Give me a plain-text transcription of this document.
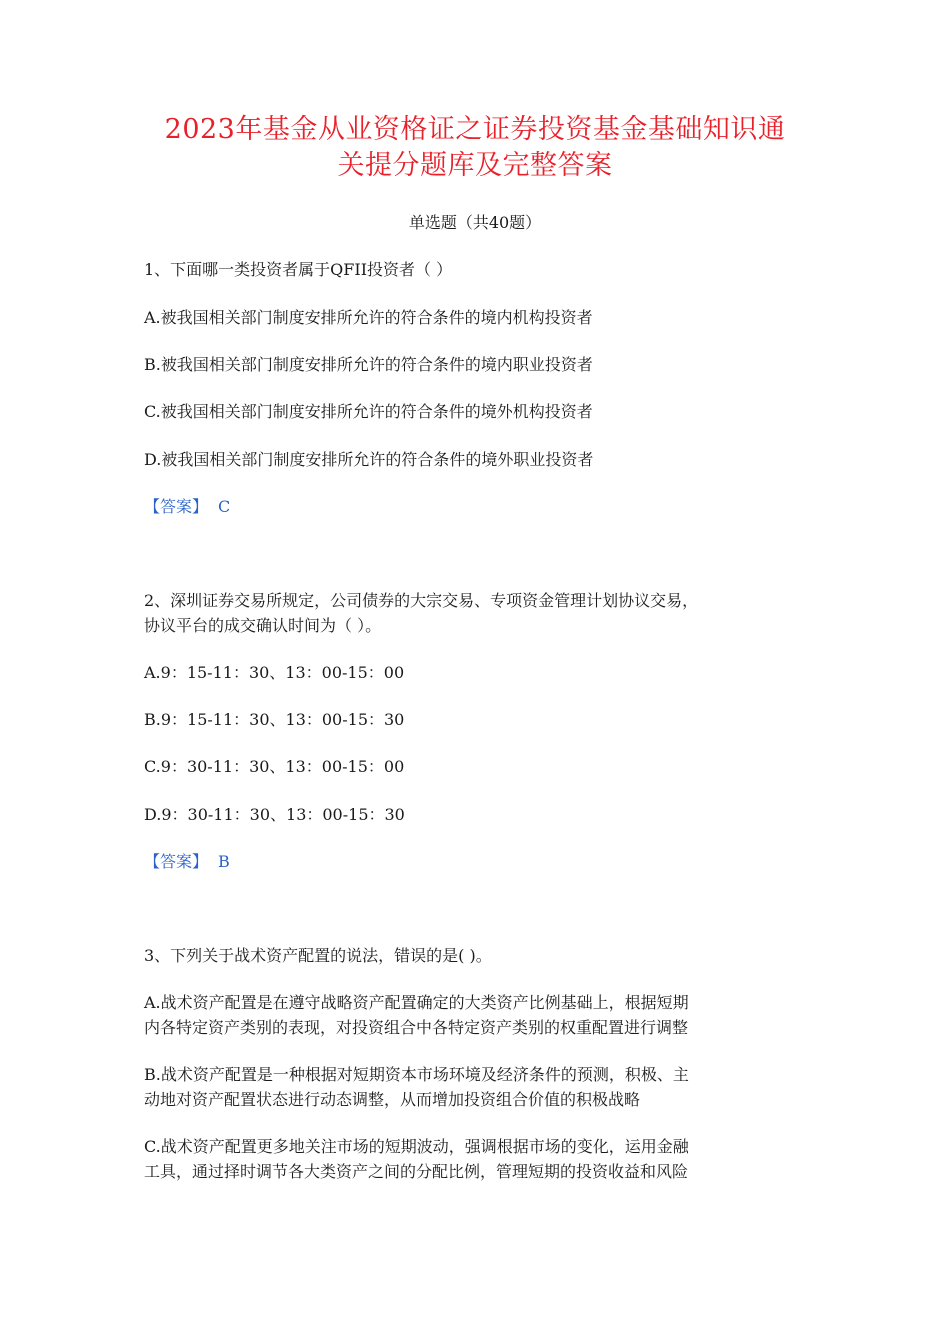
2023年基金从业资格证之证券投资基金基础知识通
关提分题库及完整答案
单选题（共40题）
1、下面哪一类投资者属于QFII投资者（ ）
A.被我国相关部门制度安排所允许的符合条件的境内机构投资者
B.被我国相关部门制度安排所允许的符合条件的境内职业投资者
C.被我国相关部门制度安排所允许的符合条件的境外机构投资者
D.被我国相关部门制度安排所允许的符合条件的境外职业投资者
【答案】 C
2、深圳证券交易所规定，公司债券的大宗交易、专项资金管理计划协议交易，
协议平台的成交确认时间为（ ）。
A.9：15-11：30、13：00-15：00
B.9：15-11：30、13：00-15：30
C.9：30-11：30、13：00-15：00
D.9：30-11：30、13：00-15：30
【答案】 B
3、下列关于战术资产配置的说法，错误的是( )。
A.战术资产配置是在遵守战略资产配置确定的大类资产比例基础上，根据短期
内各特定资产类别的表现，对投资组合中各特定资产类别的权重配置进行调整
B.战术资产配置是一种根据对短期资本市场环境及经济条件的预测，积极、主
动地对资产配置状态进行动态调整，从而增加投资组合价值的积极战略
C.战术资产配置更多地关注市场的短期波动，强调根据市场的变化，运用金融
工具，通过择时调节各大类资产之间的分配比例，管理短期的投资收益和风险
